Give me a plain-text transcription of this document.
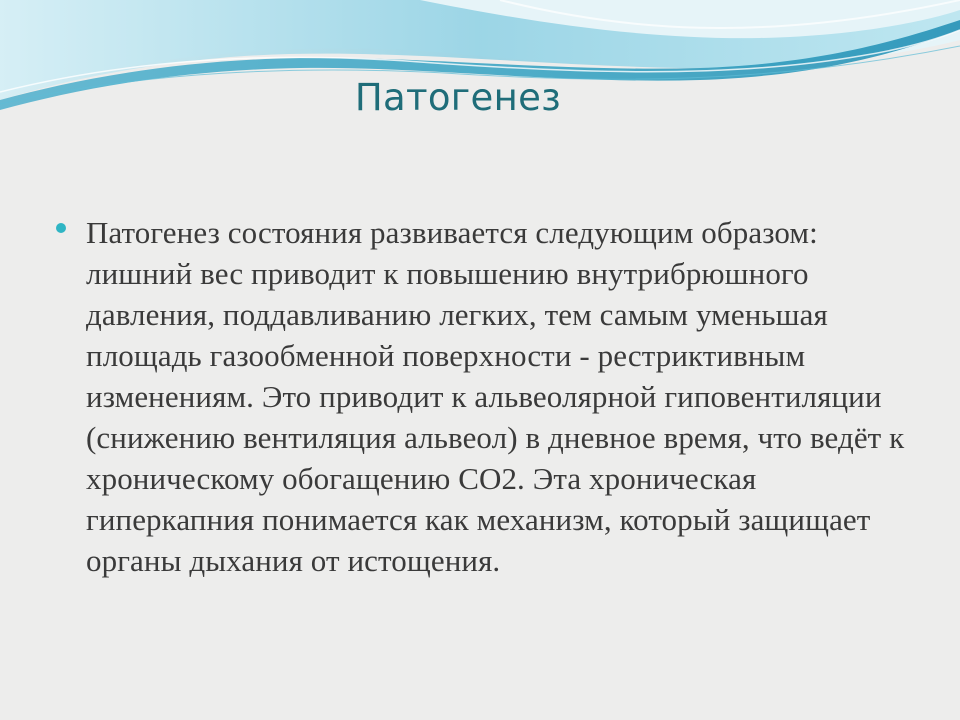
Патогенез

Патогенез состояния развивается следующим образом: лишний вес приводит к повышению внутрибрюшного давления, поддавливанию легких, тем самым уменьшая площадь газообменной поверхности - рестриктивным изменениям. Это приводит к альвеолярной гиповентиляции (снижению вентиляция альвеол) в дневное время, что ведёт к хроническому обогащению CO2. Эта хроническая гиперкапния понимается как механизм, который защищает органы дыхания от истощения.
